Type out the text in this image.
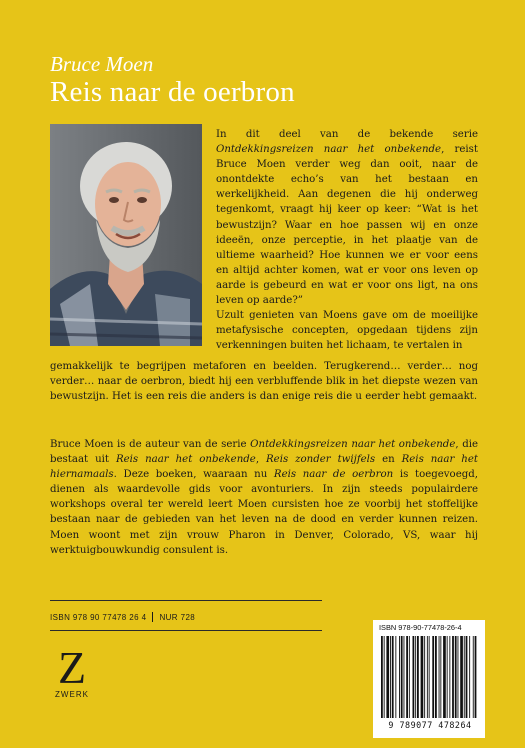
Bruce Moen
Reis naar de oerbron

In dit deel van de bekende serie Ontdekkingsreizen naar het onbekende, reist Bruce Moen verder weg dan ooit, naar de onontdekte echo’s van het bestaan en werkelijkheid. Aan degenen die hij onderweg tegenkomt, vraagt hij keer op keer: “Wat is het bewustzijn? Waar en hoe passen wij en onze ideeën, onze perceptie, in het plaatje van de ultieme waarheid? Hoe kunnen we er voor eens en altijd achter komen, wat er voor ons leven op aarde is gebeurd en wat er voor ons ligt, na ons leven op aarde?”

Uzult genieten van Moens gave om de moeilijke metafysische concepten, opgedaan tijdens zijn verkenningen buiten het lichaam, te vertalen in

gemakkelijk te begrijpen metaforen en beelden. Terugkerend… verder… nog verder… naar de oerbron, biedt hij een verbluffende blik in het diepste wezen van bewustzijn. Het is een reis die anders is dan enige reis die u eerder hebt gemaakt.

Bruce Moen is de auteur van de serie Ontdekkingsreizen naar het onbekende, die bestaat uit Reis naar het onbekende, Reis zonder twijfels en Reis naar het hiernamaals. Deze boeken, waaraan nu Reis naar de oerbron is toegevoegd, dienen als waardevolle gids voor avonturiers. In zijn steeds populairdere workshops overal ter wereld leert Moen cursisten hoe ze voorbij het stoffelijke bestaan naar de gebieden van het leven na de dood en verder kunnen reizen. Moen woont met zijn vrouw Pharon in Denver, Colorado, VS, waar hij werktuigbouwkundig consulent is.

ISBN 978 90 77478 26 4 NUR 728
Z
ZWERK
ISBN 978-90-77478-26-4
9 789077 478264
